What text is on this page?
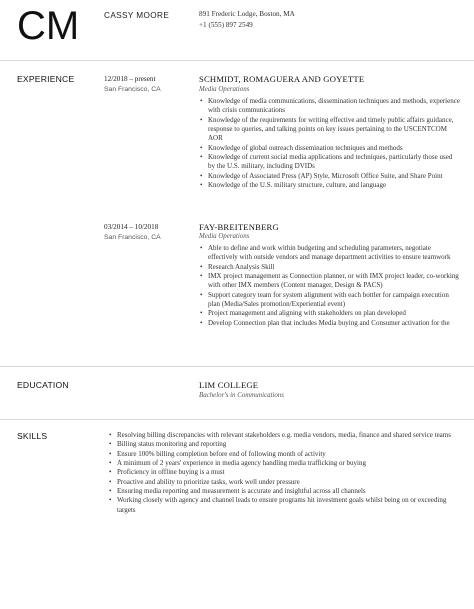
CM	CASSY MOORE	891 Frederic Lodge, Boston, MA
+1 (555) 897 2549
EXPERIENCE	12/2018 – present
San Francisco, CA
SCHMIDT, ROMAGUERA AND GOYETTE
Media Operations
• Knowledge of media communications, dissemination techniques and methods, experience with crisis communications
• Knowledge of the requirements for writing effective and timely public affairs guidance, response to queries, and talking points on key issues pertaining to the USCENTCOM AOR
• Knowledge of global outreach dissemination techniques and methods
• Knowledge of current social media applications and techniques, particularly those used by the U.S. military, including DVIDs
• Knowledge of Associated Press (AP) Style, Microsoft Office Suite, and Share Point
• Knowledge of the U.S. military structure, culture, and language
03/2014 – 10/2018
San Francisco, CA
FAY-BREITENBERG
Media Operations
• Able to define and work within budgeting and scheduling parameters, negotiate effectively with outside vendors and manage department activities to ensure teamwork
• Research Analysis Skill
• IMX project management as Connection planner, or with IMX project leader, co-working with other IMX members (Content manager, Design & PACS)
• Support category team for system alignment with each bottler for campaign execution plan (Media/Sales promotion/Experiential event)
• Project management and aligning with stakeholders on plan developed
• Develop Connection plan that includes Media buying and Consumer activation for the
EDUCATION	LIM COLLEGE
Bachelor's in Communications
SKILLS
•	Resolving billing discrepancies with relevant stakeholders e.g. media vendors, media, finance and shared service teams
• Billing status monitoring and reporting
• Ensure 100% billing completion before end of following month of activity
• A minimum of 2 years' experience in media agency handling media trafficking or buying
• Proficiency in offline buying is a must
• Proactive and ability to prioritize tasks, work well under pressure
• Ensuring media reporting and measurement is accurate and insightful across all channels
• Working closely with agency and channel leads to ensure programs hit investment goals whilst being on or exceeding targets
